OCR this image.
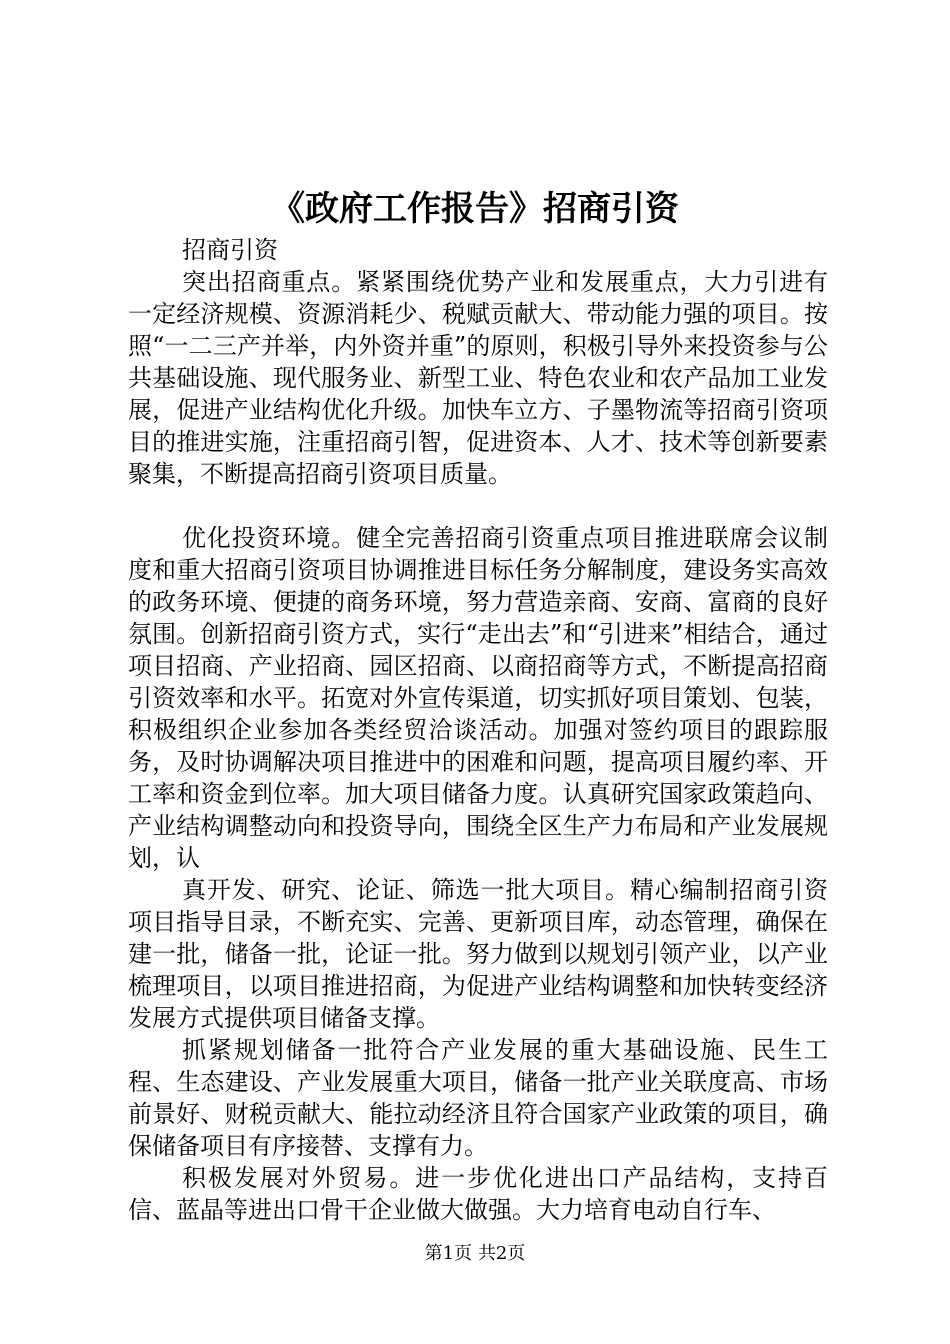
《政府工作报告》招商引资

招商引资

突出招商重点。紧紧围绕优势产业和发展重点，大力引进有一定经济规模、资源消耗少、税赋贡献大、带动能力强的项目。按照“一二三产并举，内外资并重”的原则，积极引导外来投资参与公共基础设施、现代服务业、新型工业、特色农业和农产品加工业发展，促进产业结构优化升级。加快车立方、子墨物流等招商引资项目的推进实施，注重招商引智，促进资本、人才、技术等创新要素聚集，不断提高招商引资项目质量。

优化投资环境。健全完善招商引资重点项目推进联席会议制度和重大招商引资项目协调推进目标任务分解制度，建设务实高效的政务环境、便捷的商务环境，努力营造亲商、安商、富商的良好氛围。创新招商引资方式，实行“走出去”和“引进来”相结合，通过项目招商、产业招商、园区招商、以商招商等方式，不断提高招商引资效率和水平。拓宽对外宣传渠道，切实抓好项目策划、包装，积极组织企业参加各类经贸洽谈活动。加强对签约项目的跟踪服务，及时协调解决项目推进中的困难和问题，提高项目履约率、开工率和资金到位率。加大项目储备力度。认真研究国家政策趋向、产业结构调整动向和投资导向，围绕全区生产力布局和产业发展规划，认

真开发、研究、论证、筛选一批大项目。精心编制招商引资项目指导目录，不断充实、完善、更新项目库，动态管理，确保在建一批，储备一批，论证一批。努力做到以规划引领产业，以产业梳理项目，以项目推进招商，为促进产业结构调整和加快转变经济发展方式提供项目储备支撑。

抓紧规划储备一批符合产业发展的重大基础设施、民生工程、生态建设、产业发展重大项目，储备一批产业关联度高、市场前景好、财税贡献大、能拉动经济且符合国家产业政策的项目，确保储备项目有序接替、支撑有力。

积极发展对外贸易。进一步优化进出口产品结构，支持百信、蓝晶等进出口骨干企业做大做强。大力培育电动自行车、

第1页 共2页
